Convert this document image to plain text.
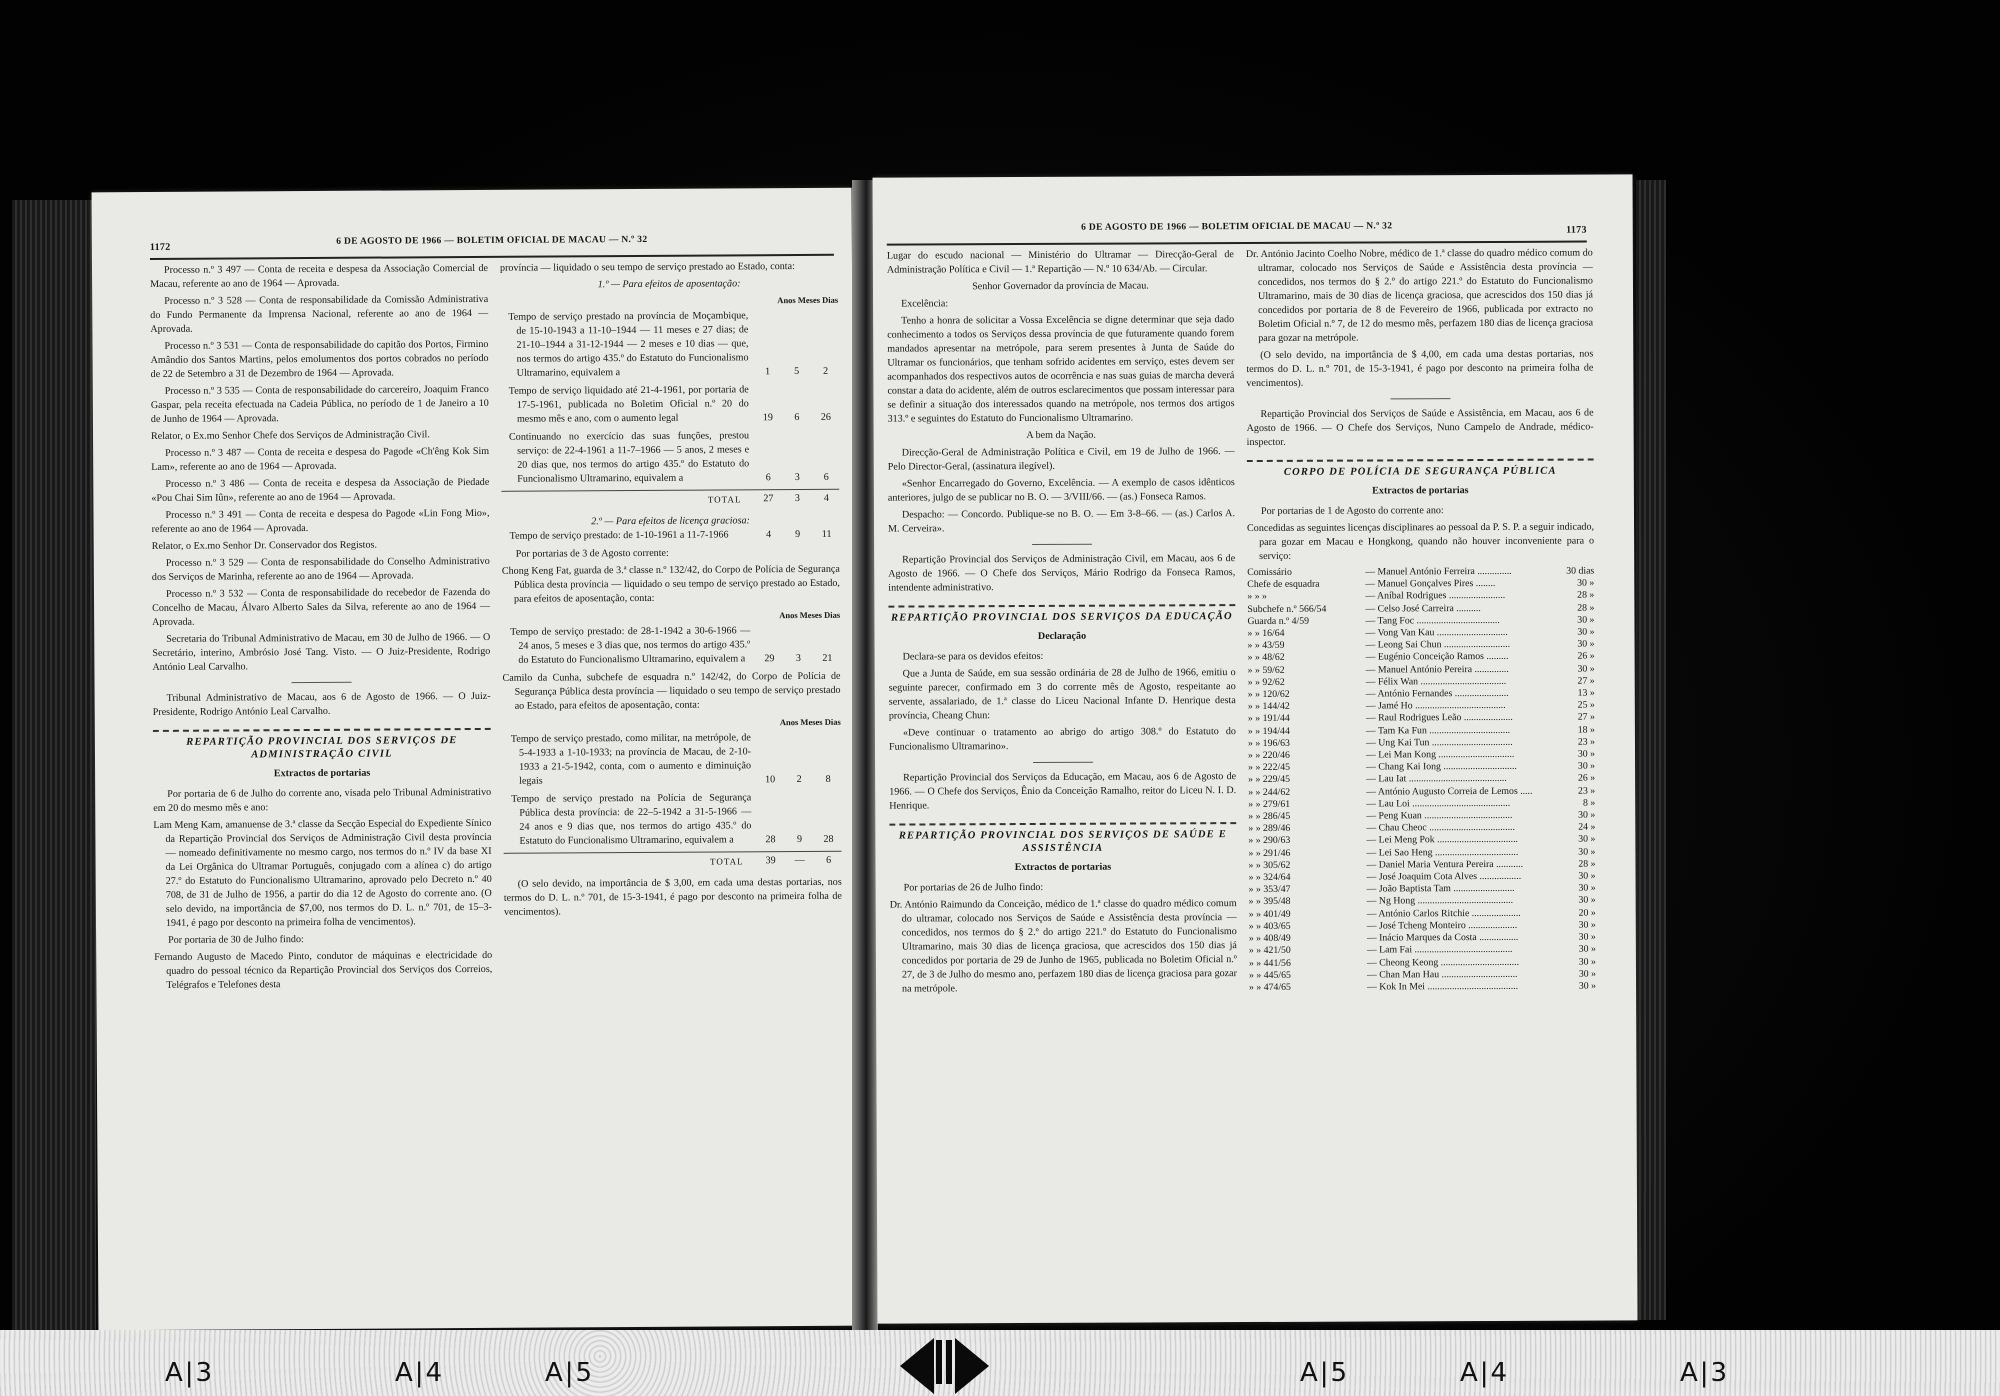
1172
6 DE AGOSTO DE 1966 — BOLETIM OFICIAL DE MACAU — N.º 32

Processo n.º 3 497 — Conta de receita e despesa da Associação Comercial de Macau, referente ao ano de 1964 — Aprovada.

Processo n.º 3 528 — Conta de responsabilidade da Comissão Administrativa do Fundo Permanente da Imprensa Nacional, referente ao ano de 1964 — Aprovada.

Processo n.º 3 531 — Conta de responsabilidade do capitão dos Portos, Firmino Amândio dos Santos Martins, pelos emolumentos dos portos cobrados no período de 22 de Setembro a 31 de Dezembro de 1964 — Aprovada.

Processo n.º 3 535 — Conta de responsabilidade do carcereiro, Joaquim Franco Gaspar, pela receita efectuada na Cadeia Pública, no período de 1 de Janeiro a 10 de Junho de 1964 — Aprovada.

Relator, o Ex.mo Senhor Chefe dos Serviços de Administração Civil.

Processo n.º 3 487 — Conta de receita e despesa do Pagode «Ch'êng Kok Sim Lam», referente ao ano de 1964 — Aprovada.

Processo n.º 3 486 — Conta de receita e despesa da Associação de Piedade «Pou Chai Sim Iûn», referente ao ano de 1964 — Aprovada.

Processo n.º 3 491 — Conta de receita e despesa do Pagode «Lin Fong Mio», referente ao ano de 1964 — Aprovada.

Relator, o Ex.mo Senhor Dr. Conservador dos Registos.

Processo n.º 3 529 — Conta de responsabilidade do Conselho Administrativo dos Serviços de Marinha, referente ao ano de 1964 — Aprovada.

Processo n.º 3 532 — Conta de responsabilidade do recebedor de Fazenda do Concelho de Macau, Álvaro Alberto Sales da Silva, referente ao ano de 1964 — Aprovada.

Secretaria do Tribunal Administrativo de Macau, em 30 de Julho de 1966. — O Secretário, interino, Ambrósio José Tang. Visto. — O Juiz-Presidente, Rodrigo António Leal Carvalho.

Tribunal Administrativo de Macau, aos 6 de Agosto de 1966. — O Juiz-Presidente, Rodrigo António Leal Carvalho.

REPARTIÇÃO PROVINCIAL DOS SERVIÇOS DE ADMINISTRAÇÃO CIVIL
Extractos de portarias

Por portaria de 6 de Julho do corrente ano, visada pelo Tribunal Administrativo em 20 do mesmo mês e ano:

Lam Meng Kam, amanuense de 3.ª classe da Secção Especial do Expediente Sínico da Repartição Provincial dos Serviços de Administração Civil desta província — nomeado definitivamente no mesmo cargo, nos termos do n.º IV da base XI da Lei Orgânica do Ultramar Português, conjugado com a alínea c) do artigo 27.º do Estatuto do Funcionalismo Ultramarino, aprovado pelo Decreto n.º 40 708, de 31 de Julho de 1956, a partir do dia 12 de Agosto do corrente ano. (O selo devido, na importância de $7,00, nos termos do D. L. n.º 701, de 15–3-1941, é pago por desconto na primeira folha de vencimentos).

Por portaria de 30 de Julho findo:

Fernando Augusto de Macedo Pinto, condutor de máquinas e electricidade do quadro do pessoal técnico da Repartição Provincial dos Serviços dos Correios, Telégrafos e Telefones desta

província — liquidado o seu tempo de serviço prestado ao Estado, conta:

1.º — Para efeitos de aposentação:
Anos Meses Dias
Tempo de serviço prestado na província de Moçambique, de 15-10-1943 a 11-10–1944 — 11 meses e 27 dias; de 21-10–1944 a 31-12-1944 — 2 meses e 10 dias — que, nos termos do artigo 435.º do Estatuto do Funcionalismo Ultramarino, equivalem a	1	5	2
Tempo de serviço liquidado até 21-4-1961, por portaria de 17-5-1961, publicada no Boletim Oficial n.º 20 do mesmo mês e ano, com o aumento legal	19	6	26
Continuando no exercício das suas funções, prestou serviço: de 22-4-1961 a 11-7–1966 — 5 anos, 2 meses e 20 dias que, nos termos do artigo 435.º do Estatuto do Funcionalismo Ultramarino, equivalem a	6	3	6
TOTAL	27	3	4
2.º — Para efeitos de licença graciosa:
Tempo de serviço prestado: de 1-10-1961 a 11-7-1966	4	9	11

Por portarias de 3 de Agosto corrente:

Chong Keng Fat, guarda de 3.ª classe n.º 132/42, do Corpo de Polícia de Segurança Pública desta província — liquidado o seu tempo de serviço prestado ao Estado, para efeitos de aposentação, conta:

Anos Meses Dias
Tempo de serviço prestado: de 28-1-1942 a 30-6-1966 — 24 anos, 5 meses e 3 dias que, nos termos do artigo 435.º do Estatuto do Funcionalismo Ultramarino, equivalem a	29	3	21

Camilo da Cunha, subchefe de esquadra n.º 142/42, do Corpo de Polícia de Segurança Pública desta província — liquidado o seu tempo de serviço prestado ao Estado, para efeitos de aposentação, conta:

Anos Meses Dias
Tempo de serviço prestado, como militar, na metrópole, de 5-4-1933 a 1-10-1933; na província de Macau, de 2-10-1933 a 21-5-1942, conta, com o aumento e diminuição legais	10	2	8
Tempo de serviço prestado na Polícia de Segurança Pública desta província: de 22–5-1942 a 31-5-1966 — 24 anos e 9 dias que, nos termos do artigo 435.º do Estatuto do Funcionalismo Ultramarino, equivalem a	28	9	28
TOTAL	39	—	6

(O selo devido, na importância de $ 3,00, em cada uma destas portarias, nos termos do D. L. n.º 701, de 15-3-1941, é pago por desconto na primeira folha de vencimentos).

6 DE AGOSTO DE 1966 — BOLETIM OFICIAL DE MACAU — N.º 32	1173

Lugar do escudo nacional — Ministério do Ultramar — Direcção-Geral de Administração Política e Civil — 1.ª Repartição — N.º 10 634/Ab. — Circular.

Senhor Governador da província de Macau.

Excelência:

Tenho a honra de solicitar a Vossa Excelência se digne determinar que seja dado conhecimento a todos os Serviços dessa província de que futuramente quando forem mandados apresentar na metrópole, para serem presentes à Junta de Saúde do Ultramar os funcionários, que tenham sofrido acidentes em serviço, estes devem ser acompanhados dos respectivos autos de ocorrência e nas suas guias de marcha deverá constar a data do acidente, além de outros esclarecimentos que possam interessar para se definir a situação dos interessados quando na metrópole, nos termos dos artigos 313.º e seguintes do Estatuto do Funcionalismo Ultramarino.

A bem da Nação.

Direcção-Geral de Administração Política e Civil, em 19 de Julho de 1966. — Pelo Director-Geral, (assinatura ilegível).

«Senhor Encarregado do Governo, Excelência. — A exemplo de casos idênticos anteriores, julgo de se publicar no B. O. — 3/VIII/66. — (as.) Fonseca Ramos.

Despacho: — Concordo. Publique-se no B. O. — Em 3-8–66. — (as.) Carlos A. M. Cerveira».

Repartição Provincial dos Serviços de Administração Civil, em Macau, aos 6 de Agosto de 1966. — O Chefe dos Serviços, Mário Rodrigo da Fonseca Ramos, intendente administrativo.

REPARTIÇÃO PROVINCIAL DOS SERVIÇOS DA EDUCAÇÃO
Declaração

Declara-se para os devidos efeitos:

Que a Junta de Saúde, em sua sessão ordinária de 28 de Julho de 1966, emitiu o seguinte parecer, confirmado em 3 do corrente mês de Agosto, respeitante ao servente, assalariado, de 1.ª classe do Liceu Nacional Infante D. Henrique desta província, Cheang Chun:

«Deve continuar o tratamento ao abrigo do artigo 308.º do Estatuto do Funcionalismo Ultramarino».

Repartição Provincial dos Serviços da Educação, em Macau, aos 6 de Agosto de 1966. — O Chefe dos Serviços, Ênio da Conceição Ramalho, reitor do Liceu N. I. D. Henrique.

REPARTIÇÃO PROVINCIAL DOS SERVIÇOS DE SAÚDE E ASSISTÊNCIA
Extractos de portarias

Por portarias de 26 de Julho findo:

Dr. António Raimundo da Conceição, médico de 1.ª classe do quadro médico comum do ultramar, colocado nos Serviços de Saúde e Assistência desta província — concedidos, nos termos do § 2.º do artigo 221.º do Estatuto do Funcionalismo Ultramarino, mais 30 dias de licença graciosa, que acrescidos dos 150 dias já concedidos por portaria de 29 de Junho de 1965, publicada no Boletim Oficial n.º 27, de 3 de Julho do mesmo ano, perfazem 180 dias de licença graciosa para gozar na metrópole.

Dr. António Jacinto Coelho Nobre, médico de 1.ª classe do quadro médico comum do ultramar, colocado nos Serviços de Saúde e Assistência desta província — concedidos, nos termos do § 2.º do artigo 221.º do Estatuto do Funcionalismo Ultramarino, mais de 30 dias de licença graciosa, que acrescidos dos 150 dias já concedidos por portaria de 8 de Fevereiro de 1966, publicada por extracto no Boletim Oficial n.º 7, de 12 do mesmo mês, perfazem 180 dias de licença graciosa para gozar na metrópole.

(O selo devido, na importância de $ 4,00, em cada uma destas portarias, nos termos do D. L. n.º 701, de 15-3-1941, é pago por desconto na primeira folha de vencimentos).

Repartição Provincial dos Serviços de Saúde e Assistência, em Macau, aos 6 de Agosto de 1966. — O Chefe dos Serviços, Nuno Campelo de Andrade, médico-inspector.

CORPO DE POLÍCIA DE SEGURANÇA PÚBLICA
Extractos de portarias

Por portarias de 1 de Agosto do corrente ano:

Concedidas as seguintes licenças disciplinares ao pessoal da P. S. P. a seguir indicado, para gozar em Macau e Hongkong, quando não houver inconveniente para o serviço:

Comissário	— Manuel António Ferreira ..............	30 dias
Chefe de esquadra	— Manuel Gonçalves Pires ........	30 »
» » »	— Aníbal Rodrigues .......................	28 »
Subchefe n.º 566/54	— Celso José Carreira ..........	28 »
Guarda n.º 4/59	— Tang Foc ..................................	30 »
» » 16/64	— Vong Van Kau .............................	30 »
» » 43/59	— Leong Sai Chun ...........................	30 »
» » 48/62	— Eugénio Conceição Ramos .........	26 »
» » 59/62	— Manuel António Pereira ..............	30 »
» » 92/62	— Félix Wan ...................................	27 »
» » 120/62	— António Fernandes ......................	13 »
» » 144/42	— Jamé Ho .....................................	25 »
» » 191/44	— Raul Rodrigues Leão ....................	27 »
» » 194/44	— Tam Ka Fun .................................	18 »
» » 196/63	— Ung Kai Tun .................................	23 »
» » 220/46	— Lei Man Kong ...............................	30 »
» » 222/45	— Chang Kai Iong ..............................	30 »
» » 229/45	— Lau Iat ........................................	26 »
» » 244/62	— António Augusto Correia de Lemos .....	23 »
» » 279/61	— Lau Loi ........................................	8 »
» » 286/45	— Peng Kuan ....................................	30 »
» » 289/46	— Chau Cheoc ...................................	24 »
» » 290/63	— Lei Meng Pok .................................	30 »
» » 291/46	— Lei Sao Heng ..................................	30 »
» » 305/62	— Daniel Maria Ventura Pereira ...........	28 »
» » 324/64	— José Joaquim Cota Alves .................	30 »
» » 353/47	— João Baptista Tam .........................	30 »
» » 395/48	— Ng Hong .......................................	30 »
» » 401/49	— António Carlos Ritchie ....................	20 »
» » 403/65	— José Tcheng Monteiro ....................	30 »
» » 408/49	— Inácio Marques da Costa ................	30 »
» » 421/50	— Lam Fai ........................................	30 »
» » 441/56	— Cheong Keong ................................	30 »
» » 445/65	— Chan Man Hau ...............................	30 »
» » 474/65	— Kok In Mei .....................................	30 »
A|3	A|4	A|5	A|5	A|4	A|3
